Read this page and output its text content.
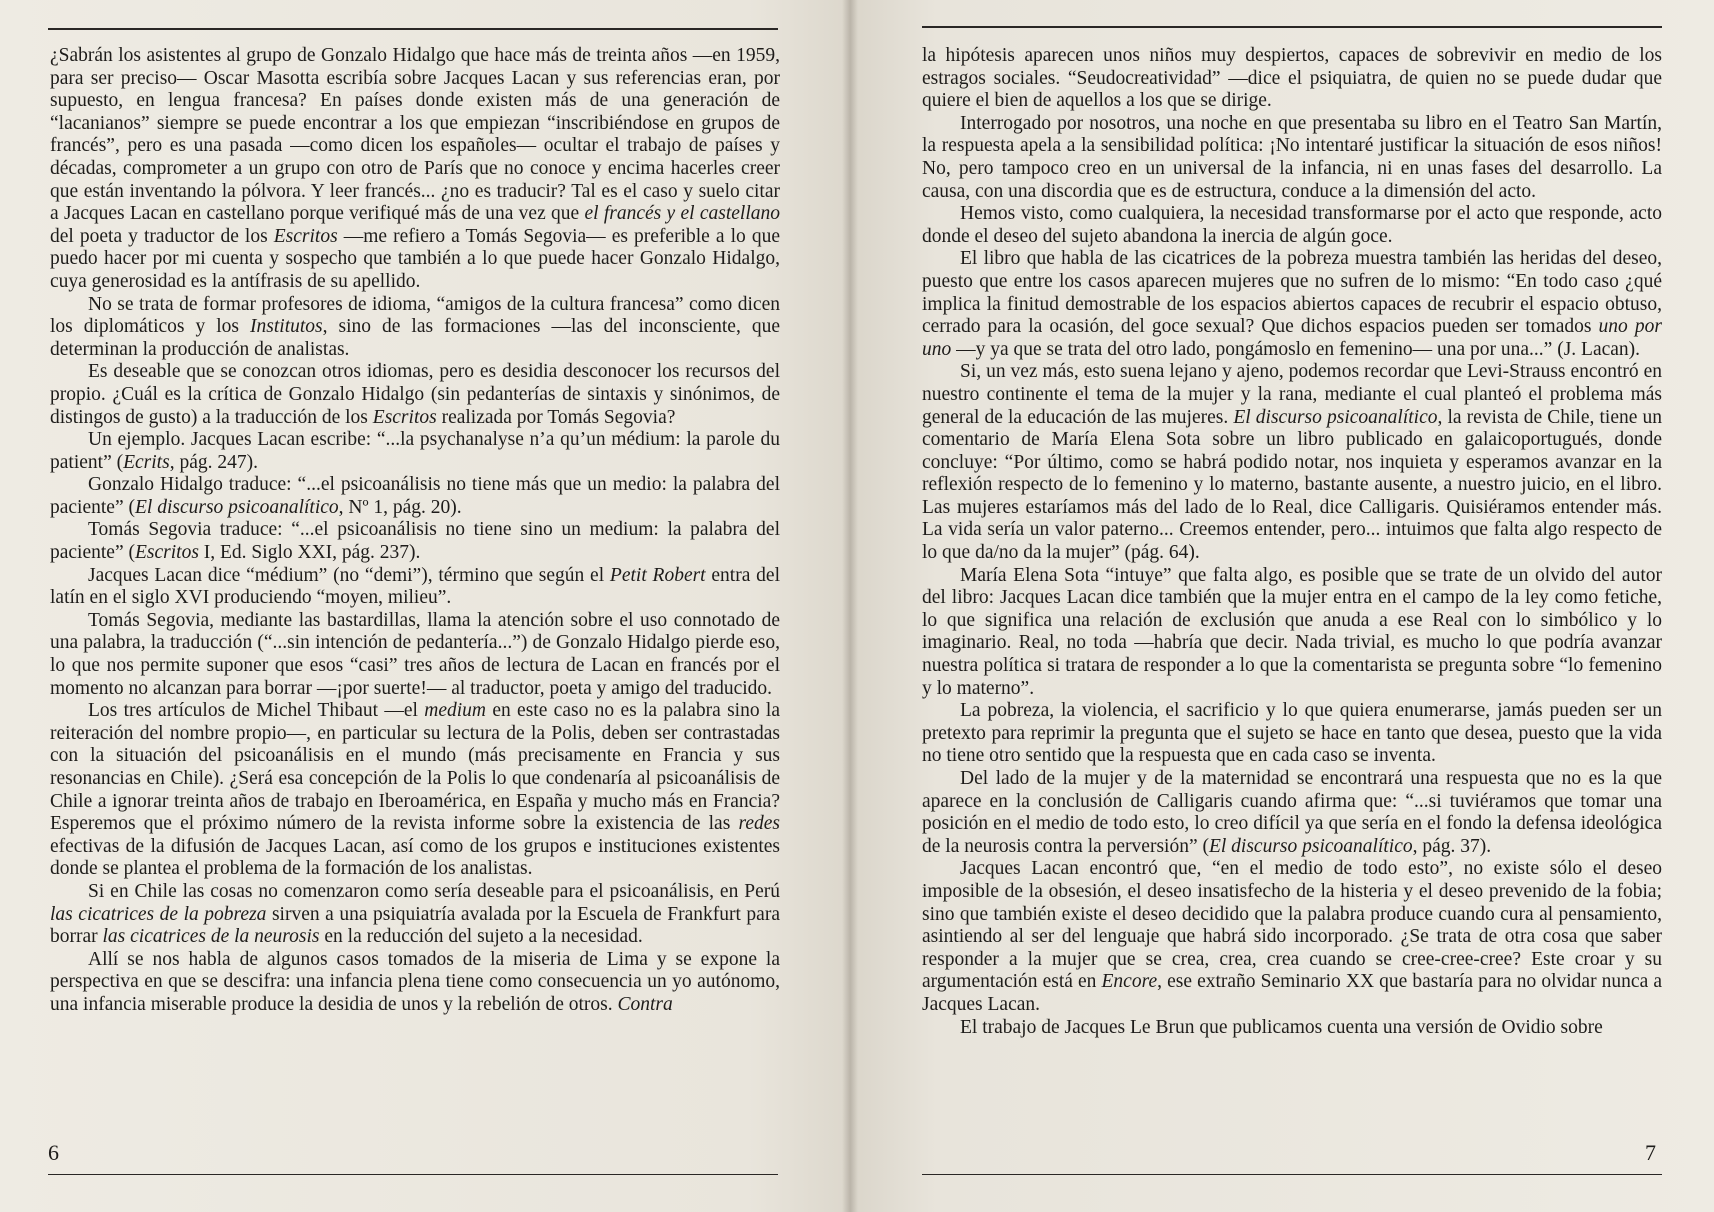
¿Sabrán los asistentes al grupo de Gonzalo Hidalgo que hace más de treinta años —en 1959, para ser preciso— Oscar Masotta escribía sobre Jacques Lacan y sus referencias eran, por supuesto, en lengua francesa? En países donde existen más de una generación de “lacanianos” siempre se puede encontrar a los que empiezan “inscribiéndose en grupos de francés”, pero es una pasada —como dicen los españoles— ocultar el trabajo de países y décadas, comprometer a un grupo con otro de París que no conoce y encima hacerles creer que están inventando la pólvora. Y leer francés... ¿no es traducir? Tal es el caso y suelo citar a Jacques Lacan en castellano porque verifiqué más de una vez que el francés y el castellano del poeta y traductor de los Escritos —me refiero a Tomás Segovia— es preferible a lo que puedo hacer por mi cuenta y sospecho que también a lo que puede hacer Gonzalo Hidalgo, cuya generosidad es la antífrasis de su apellido.

No se trata de formar profesores de idioma, “amigos de la cultura francesa” como dicen los diplomáticos y los Institutos, sino de las formaciones —las del inconsciente, que determinan la producción de analistas.

Es deseable que se conozcan otros idiomas, pero es desidia desconocer los recursos del propio. ¿Cuál es la crítica de Gonzalo Hidalgo (sin pedanterías de sintaxis y sinónimos, de distingos de gusto) a la traducción de los Escritos realizada por Tomás Segovia?

Un ejemplo. Jacques Lacan escribe: “...la psychanalyse n’a qu’un médium: la parole du patient” (Ecrits, pág. 247).

Gonzalo Hidalgo traduce: “...el psicoanálisis no tiene más que un medio: la palabra del paciente” (El discurso psicoanalítico, Nº 1, pág. 20).

Tomás Segovia traduce: “...el psicoanálisis no tiene sino un medium: la palabra del paciente” (Escritos I, Ed. Siglo XXI, pág. 237).

Jacques Lacan dice “médium” (no “demi”), término que según el Petit Robert entra del latín en el siglo XVI produciendo “moyen, milieu”.

Tomás Segovia, mediante las bastardillas, llama la atención sobre el uso connotado de una palabra, la traducción (“...sin intención de pedantería...”) de Gonzalo Hidalgo pierde eso, lo que nos permite suponer que esos “casi” tres años de lectura de Lacan en francés por el momento no alcanzan para borrar —¡por suerte!— al traductor, poeta y amigo del traducido.

Los tres artículos de Michel Thibaut —el medium en este caso no es la palabra sino la reiteración del nombre propio—, en particular su lectura de la Polis, deben ser contrastadas con la situación del psicoanálisis en el mundo (más precisamente en Francia y sus resonancias en Chile). ¿Será esa concepción de la Polis lo que condenaría al psicoanálisis de Chile a ignorar treinta años de trabajo en Iberoamérica, en España y mucho más en Francia? Esperemos que el próximo número de la revista informe sobre la existencia de las redes efectivas de la difusión de Jacques Lacan, así como de los grupos e instituciones existentes donde se plantea el problema de la formación de los analistas.

Si en Chile las cosas no comenzaron como sería deseable para el psicoanálisis, en Perú las cicatrices de la pobreza sirven a una psiquiatría avalada por la Escuela de Frankfurt para borrar las cicatrices de la neurosis en la reducción del sujeto a la necesidad.

Allí se nos habla de algunos casos tomados de la miseria de Lima y se expone la perspectiva en que se descifra: una infancia plena tiene como consecuencia un yo autónomo, una infancia miserable produce la desidia de unos y la rebelión de otros. Contra

6

la hipótesis aparecen unos niños muy despiertos, capaces de sobrevivir en medio de los estragos sociales. “Seudocreatividad” —dice el psiquiatra, de quien no se puede dudar que quiere el bien de aquellos a los que se dirige.

Interrogado por nosotros, una noche en que presentaba su libro en el Teatro San Martín, la respuesta apela a la sensibilidad política: ¡No intentaré justificar la situación de esos niños! No, pero tampoco creo en un universal de la infancia, ni en unas fases del desarrollo. La causa, con una discordia que es de estructura, conduce a la dimensión del acto.

Hemos visto, como cualquiera, la necesidad transformarse por el acto que responde, acto donde el deseo del sujeto abandona la inercia de algún goce.

El libro que habla de las cicatrices de la pobreza muestra también las heridas del deseo, puesto que entre los casos aparecen mujeres que no sufren de lo mismo: “En todo caso ¿qué implica la finitud demostrable de los espacios abiertos capaces de recubrir el espacio obtuso, cerrado para la ocasión, del goce sexual? Que dichos espacios pueden ser tomados uno por uno —y ya que se trata del otro lado, pongámoslo en femenino— una por una...” (J. Lacan).

Si, un vez más, esto suena lejano y ajeno, podemos recordar que Levi-Strauss encontró en nuestro continente el tema de la mujer y la rana, mediante el cual planteó el problema más general de la educación de las mujeres. El discurso psicoanalítico, la revista de Chile, tiene un comentario de María Elena Sota sobre un libro publicado en galaicoportugués, donde concluye: “Por último, como se habrá podido notar, nos inquieta y esperamos avanzar en la reflexión respecto de lo femenino y lo materno, bastante ausente, a nuestro juicio, en el libro. Las mujeres estaríamos más del lado de lo Real, dice Calligaris. Quisiéramos entender más. La vida sería un valor paterno... Creemos entender, pero... intuimos que falta algo respecto de lo que da/no da la mujer” (pág. 64).

María Elena Sota “intuye” que falta algo, es posible que se trate de un olvido del autor del libro: Jacques Lacan dice también que la mujer entra en el campo de la ley como fetiche, lo que significa una relación de exclusión que anuda a ese Real con lo simbólico y lo imaginario. Real, no toda —habría que decir. Nada trivial, es mucho lo que podría avanzar nuestra política si tratara de responder a lo que la comentarista se pregunta sobre “lo femenino y lo materno”.

La pobreza, la violencia, el sacrificio y lo que quiera enumerarse, jamás pueden ser un pretexto para reprimir la pregunta que el sujeto se hace en tanto que desea, puesto que la vida no tiene otro sentido que la respuesta que en cada caso se inventa.

Del lado de la mujer y de la maternidad se encontrará una respuesta que no es la que aparece en la conclusión de Calligaris cuando afirma que: “...si tuviéramos que tomar una posición en el medio de todo esto, lo creo difícil ya que sería en el fondo la defensa ideológica de la neurosis contra la perversión” (El discurso psicoanalítico, pág. 37).

Jacques Lacan encontró que, “en el medio de todo esto”, no existe sólo el deseo imposible de la obsesión, el deseo insatisfecho de la histeria y el deseo prevenido de la fobia; sino que también existe el deseo decidido que la palabra produce cuando cura al pensamiento, asintiendo al ser del lenguaje que habrá sido incorporado. ¿Se trata de otra cosa que saber responder a la mujer que se crea, crea, crea cuando se cree-cree-cree? Este croar y su argumentación está en Encore, ese extraño Seminario XX que bastaría para no olvidar nunca a Jacques Lacan.

El trabajo de Jacques Le Brun que publicamos cuenta una versión de Ovidio sobre

7
